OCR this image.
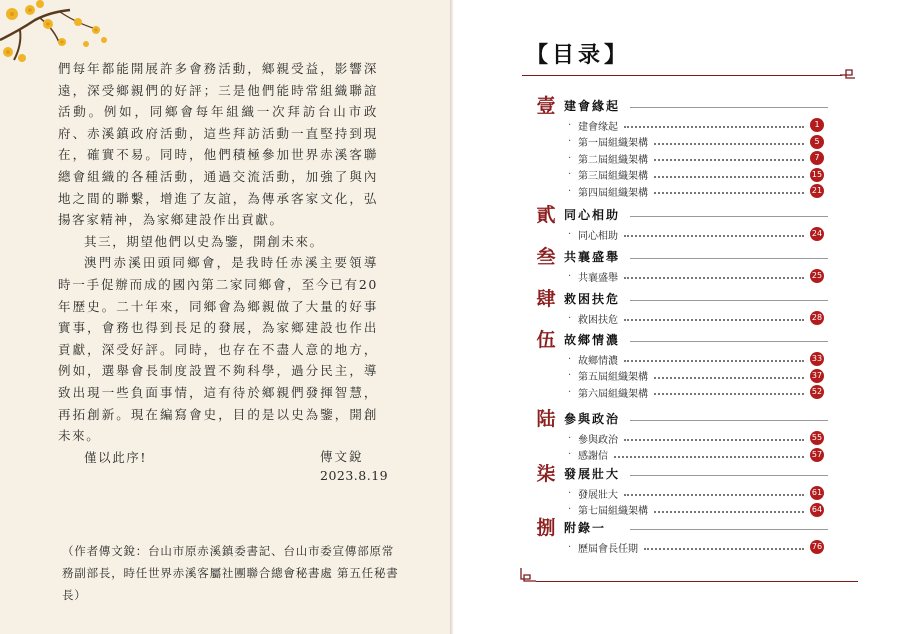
們每年都能開展許多會務活動，鄉親受益，影響深遠，深受鄉親們的好評；三是他們能時常組織聯誼活動。例如，同鄉會每年組織一次拜訪台山市政府、赤溪鎮政府活動，這些拜訪活動一直堅持到現在，確實不易。同時，他們積極參加世界赤溪客聯總會組織的各種活動，通過交流活動，加強了與內地之間的聯繫，增進了友誼，為傳承客家文化，弘揚客家精神，為家鄉建設作出貢獻。

其三，期望他們以史為鑒，開創未來。

澳門赤溪田頭同鄉會，是我時任赤溪主要領導時一手促辦而成的國內第二家同鄉會，至今已有20年歷史。二十年來，同鄉會為鄉親做了大量的好事實事，會務也得到長足的發展，為家鄉建設也作出貢獻，深受好評。同時，也存在不盡人意的地方，例如，選舉會長制度設置不夠科學，過分民主，導致出現一些負面事情，這有待於鄉親們發揮智慧，再拓創新。現在編寫會史，目的是以史為鑒，開創未來。

僅以此序!	傳文銳
2023.8.19

（作者傳文銳：台山市原赤溪鎮委書記、台山市委宣傳部原常務副部長，時任世界赤溪客屬社團聯合總會秘書處 第五任秘書長）

【目录】
壹 建會緣起
· 建會缘起	1
· 第一屆組織架構	5
· 第二屆組織架構	7
· 第三屆組織架構	15
· 第四屆組織架構	21
貳 同心相助
· 同心相助	24
叁 共襄盛舉
· 共襄盛舉	25
肆 救困扶危
· 救困扶危	28
伍 故鄉情濃
· 故鄉情濃	33
· 第五屆組織架構	37
· 第六屆組織架構	52
陆 參與政治
· 參與政治	55
· 感謝信	57
柒 發展壯大
· 發展壯大	61
· 第七屆組織架構	64
捌 附錄一
· 歷屆會長任期	76
